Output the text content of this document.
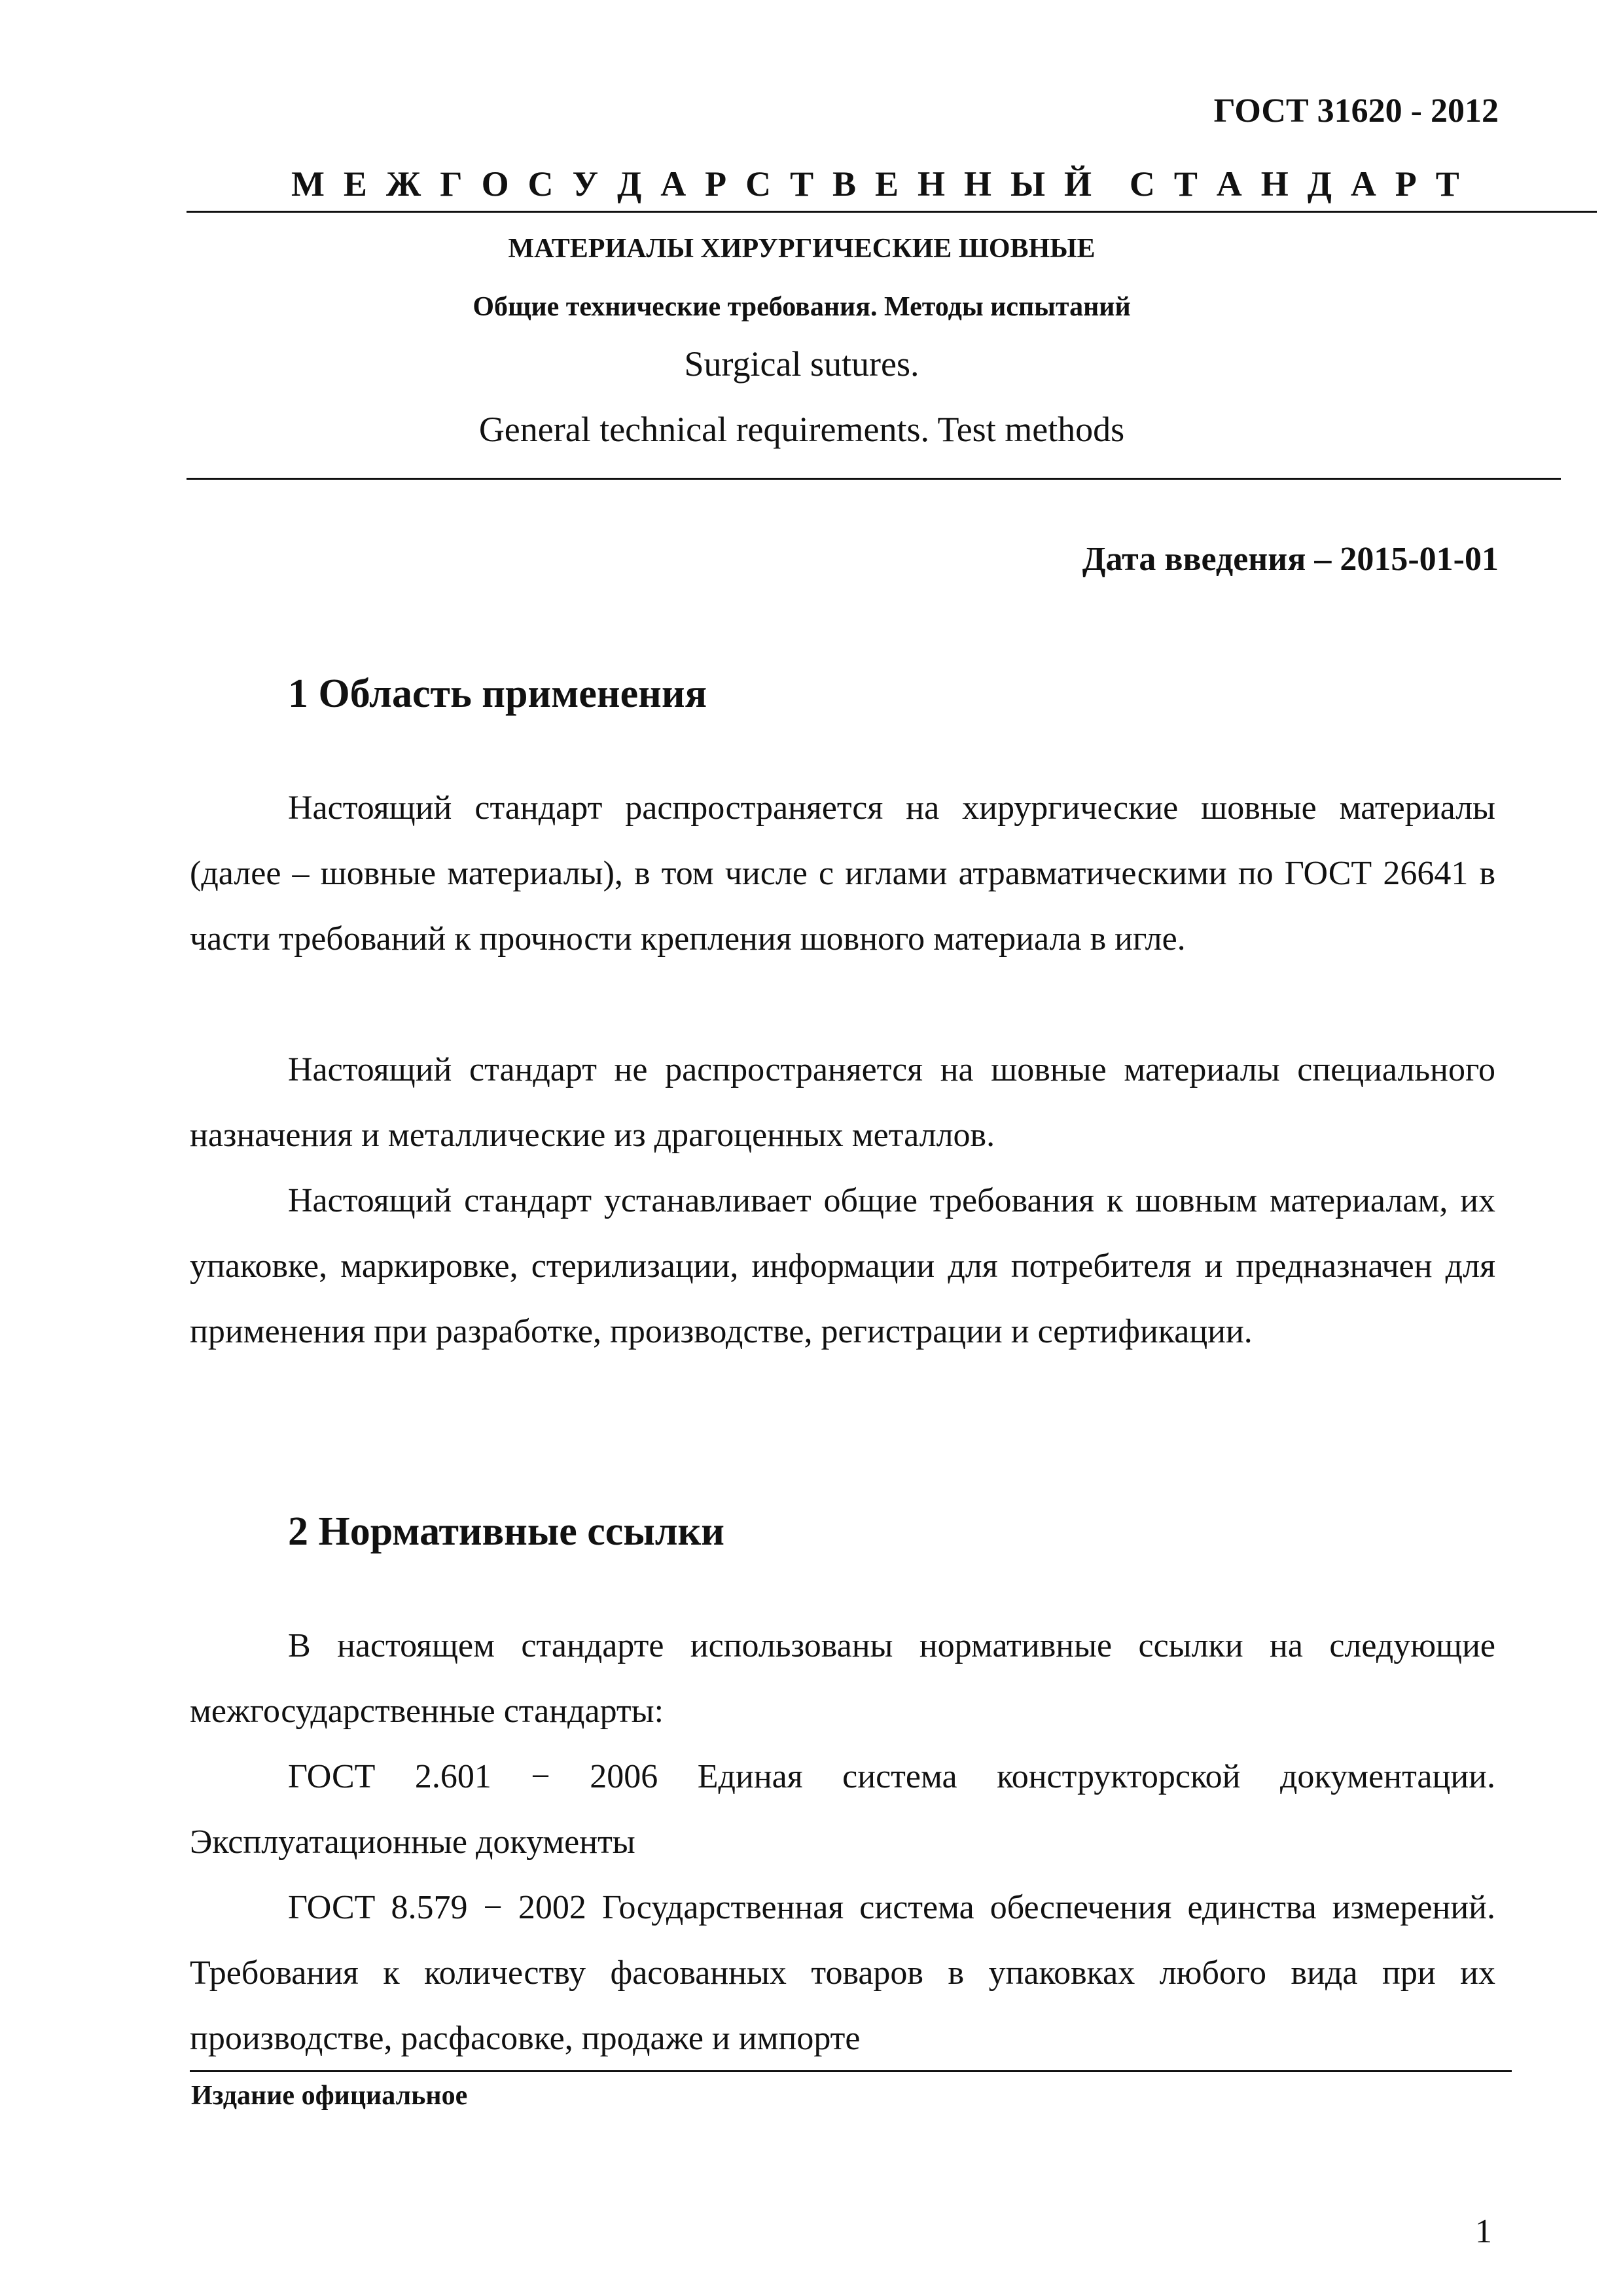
ГОСТ 31620 - 2012
М Е Ж Г О С У Д А Р С Т В Е Н Н Ы Й С Т А Н Д А Р Т
МАТЕРИАЛЫ ХИРУРГИЧЕСКИЕ ШОВНЫЕ
Общие технические требования. Методы испытаний
Surgical sutures.
General technical requirements. Test methods
Дата введения – 2015-01-01
1 Область применения

Настоящий стандарт распространяется на хирургические шовные материалы (далее – шовные материалы), в том числе с иглами атравматическими по ГОСТ 26641 в части требований к прочности крепления шовного материала в игле.

Настоящий стандарт не распространяется на шовные материалы специального назначения и металлические из драгоценных металлов.

Настоящий стандарт устанавливает общие требования к шовным материалам, их упаковке, маркировке, стерилизации, информации для потребителя и предназначен для применения при разработке, производстве, регистрации и сертификации.

2 Нормативные ссылки

В настоящем стандарте использованы нормативные ссылки на следующие межгосударственные стандарты:

ГОСТ 2.601 − 2006 Единая система конструкторской документации. Эксплуатационные документы

ГОСТ 8.579 − 2002 Государственная система обеспечения единства измерений. Требования к количеству фасованных товаров в упаковках любого вида при их производстве, расфасовке, продаже и импорте

Издание официальное
1
